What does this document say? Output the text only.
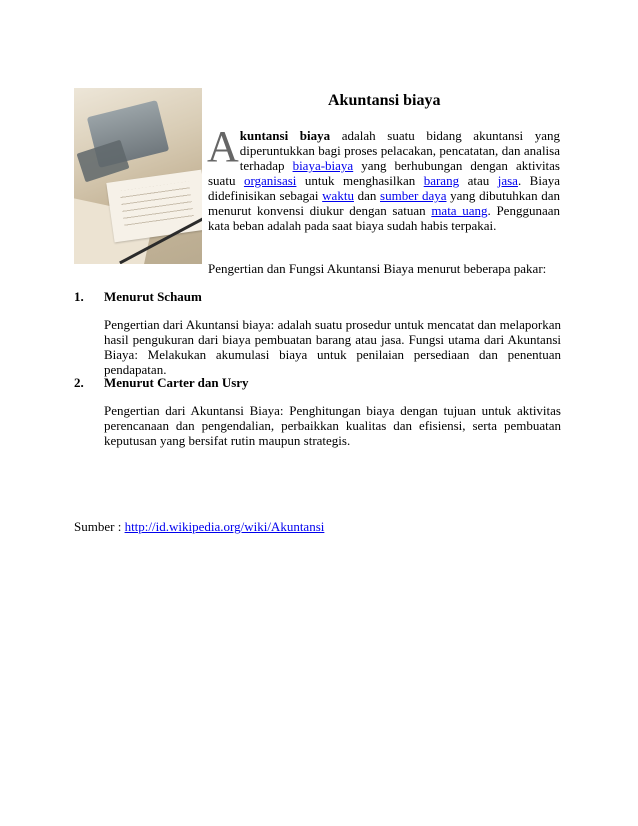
Akuntansi biaya
Akuntansi biaya adalah suatu bidang akuntansi yang diperuntukkan bagi proses pelacakan, pencatatan, dan analisa terhadap biaya-biaya yang berhubungan dengan aktivitas suatu organisasi untuk menghasilkan barang atau jasa. Biaya didefinisikan sebagai waktu dan sumber daya yang dibutuhkan dan menurut konvensi diukur dengan satuan mata uang. Penggunaan kata beban adalah pada saat biaya sudah habis terpakai.
Pengertian dan Fungsi Akuntansi Biaya menurut beberapa pakar:
1. Menurut Schaum
Pengertian dari Akuntansi biaya: adalah suatu prosedur untuk mencatat dan melaporkan hasil pengukuran dari biaya pembuatan barang atau jasa. Fungsi utama dari Akuntansi Biaya: Melakukan akumulasi biaya untuk penilaian persediaan dan penentuan pendapatan.
2. Menurut Carter dan Usry
Pengertian dari Akuntansi Biaya: Penghitungan biaya dengan tujuan untuk aktivitas perencanaan dan pengendalian, perbaikkan kualitas dan efisiensi, serta pembuatan keputusan yang bersifat rutin maupun strategis.
Sumber : http://id.wikipedia.org/wiki/Akuntansi
